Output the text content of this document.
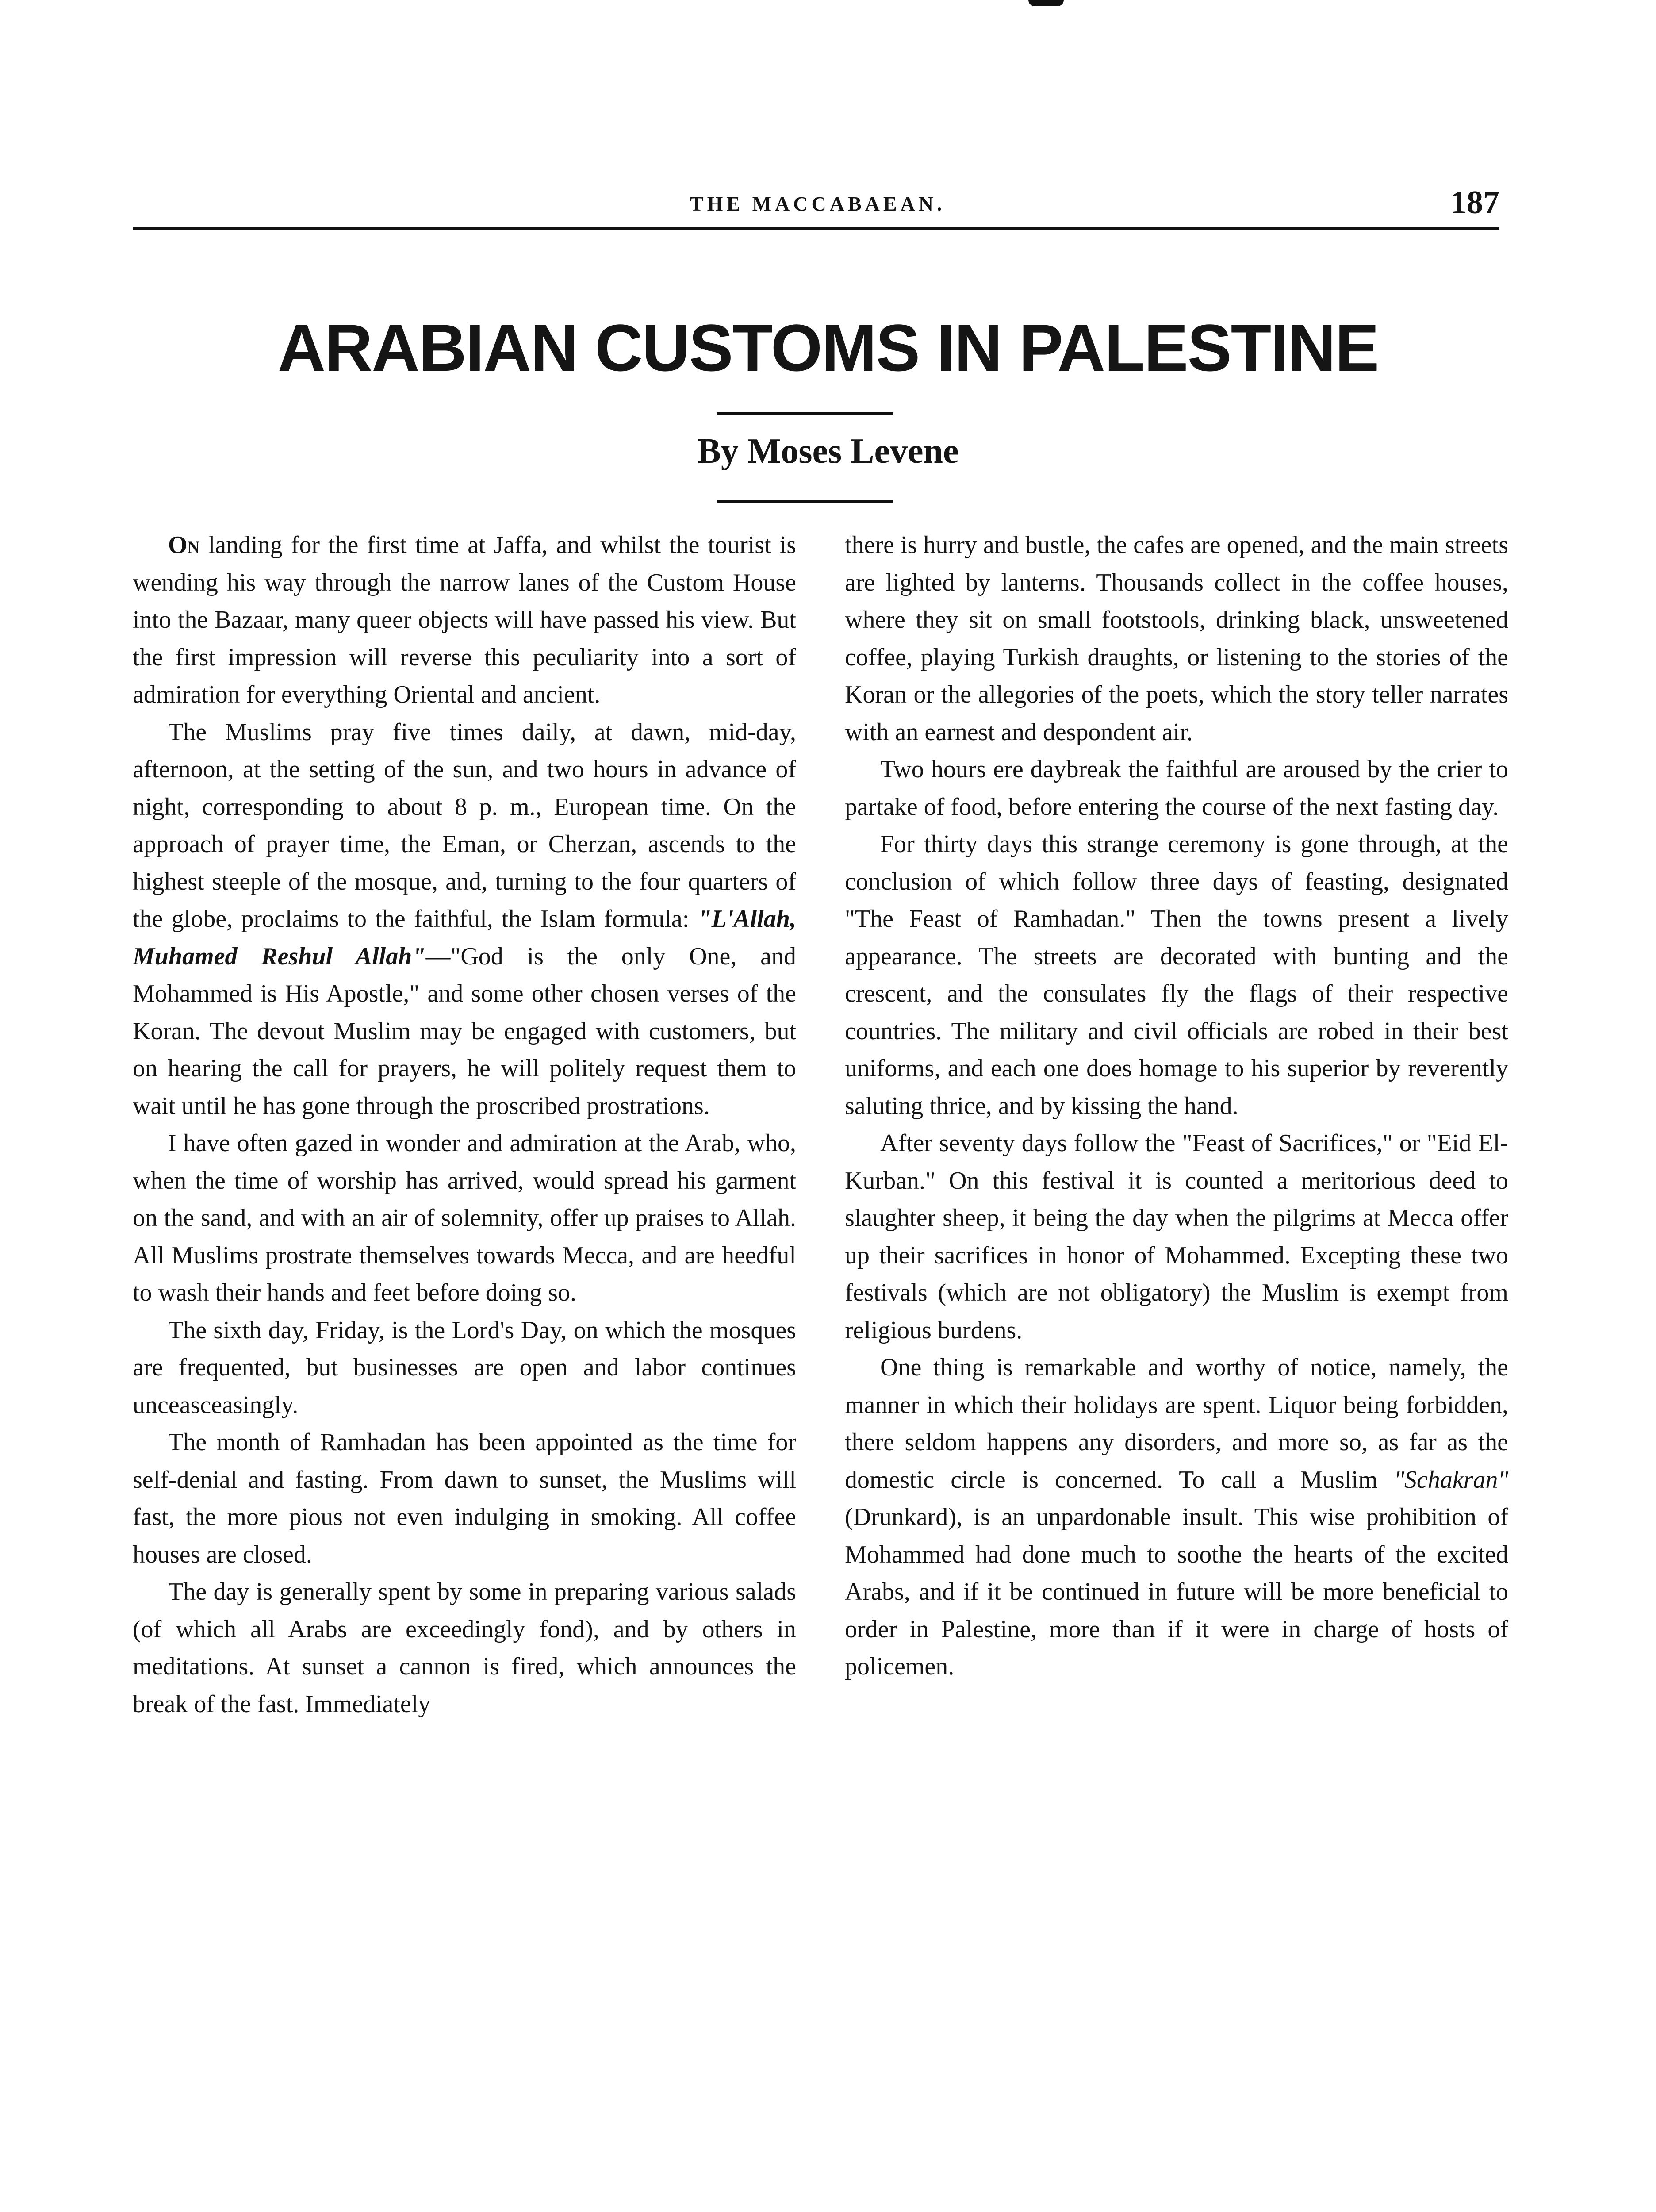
THE MACCABAEAN.	187
ARABIAN CUSTOMS IN PALESTINE
By Moses Levene

On landing for the first time at Jaffa, and whilst the tourist is wending his way through the narrow lanes of the Custom House into the Bazaar, many queer objects will have passed his view. But the first impression will reverse this peculiarity into a sort of admiration for everything Oriental and ancient.

The Muslims pray five times daily, at dawn, mid-day, afternoon, at the setting of the sun, and two hours in advance of night, corresponding to about 8 p. m., European time. On the approach of prayer time, the Eman, or Cherzan, ascends to the highest steeple of the mosque, and, turning to the four quarters of the globe, proclaims to the faithful, the Islam formula: "L'Allah, Muhamed Reshul Allah"—"God is the only One, and Mohammed is His Apostle," and some other chosen verses of the Koran. The devout Muslim may be engaged with customers, but on hearing the call for prayers, he will politely request them to wait until he has gone through the proscribed prostrations.

I have often gazed in wonder and admiration at the Arab, who, when the time of worship has arrived, would spread his garment on the sand, and with an air of solemnity, offer up praises to Allah. All Muslims prostrate themselves towards Mecca, and are heedful to wash their hands and feet before doing so.

The sixth day, Friday, is the Lord's Day, on which the mosques are frequented, but businesses are open and labor continues unceasceasingly.

The month of Ramhadan has been appointed as the time for self-denial and fasting. From dawn to sunset, the Muslims will fast, the more pious not even indulging in smoking. All coffee houses are closed.

The day is generally spent by some in preparing various salads (of which all Arabs are exceedingly fond), and by others in meditations. At sunset a cannon is fired, which announces the break of the fast. Immediately

there is hurry and bustle, the cafes are opened, and the main streets are lighted by lanterns. Thousands collect in the coffee houses, where they sit on small footstools, drinking black, unsweetened coffee, playing Turkish draughts, or listening to the stories of the Koran or the allegories of the poets, which the story teller narrates with an earnest and despondent air.

Two hours ere daybreak the faithful are aroused by the crier to partake of food, before entering the course of the next fasting day.

For thirty days this strange ceremony is gone through, at the conclusion of which follow three days of feasting, designated "The Feast of Ramhadan." Then the towns present a lively appearance. The streets are decorated with bunting and the crescent, and the consulates fly the flags of their respective countries. The military and civil officials are robed in their best uniforms, and each one does homage to his superior by reverently saluting thrice, and by kissing the hand.

After seventy days follow the "Feast of Sacrifices," or "Eid El-Kurban." On this festival it is counted a meritorious deed to slaughter sheep, it being the day when the pilgrims at Mecca offer up their sacrifices in honor of Mohammed. Excepting these two festivals (which are not obligatory) the Muslim is exempt from religious burdens.

One thing is remarkable and worthy of notice, namely, the manner in which their holidays are spent. Liquor being forbidden, there seldom happens any disorders, and more so, as far as the domestic circle is concerned. To call a Muslim "Schakran" (Drunkard), is an unpardonable insult. This wise prohibition of Mohammed had done much to soothe the hearts of the excited Arabs, and if it be continued in future will be more beneficial to order in Palestine, more than if it were in charge of hosts of policemen.
